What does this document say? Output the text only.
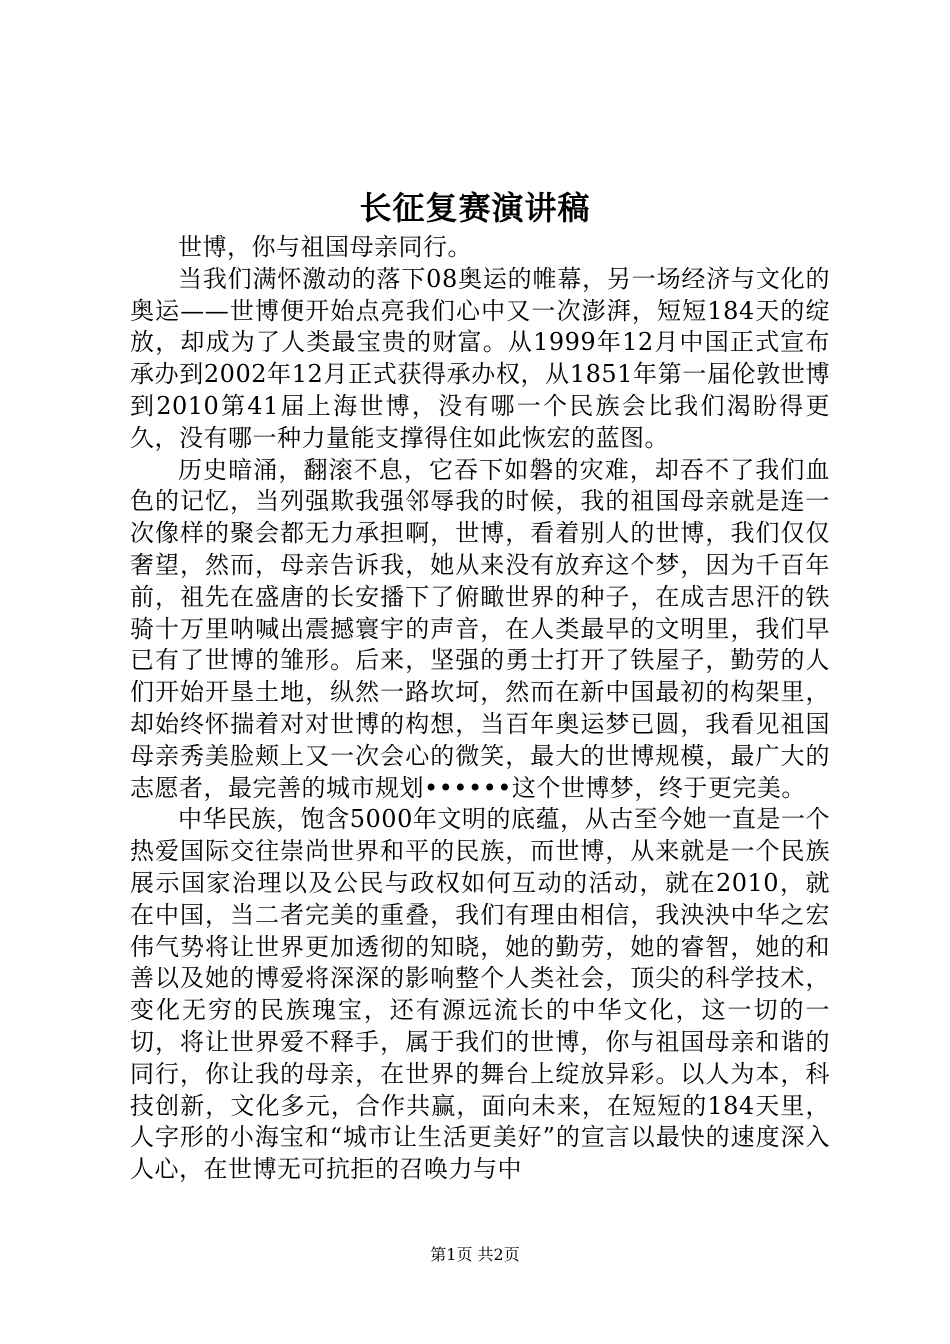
长征复赛演讲稿

世博，你与祖国母亲同行。

当我们满怀激动的落下08奥运的帷幕，另一场经济与文化的奥运——世博便开始点亮我们心中又一次澎湃，短短184天的绽放，却成为了人类最宝贵的财富。从1999年12月中国正式宣布承办到2002年12月正式获得承办权，从1851年第一届伦敦世博到2010第41届上海世博，没有哪一个民族会比我们渴盼得更久，没有哪一种力量能支撑得住如此恢宏的蓝图。

历史暗涌，翻滚不息，它吞下如磐的灾难，却吞不了我们血色的记忆，当列强欺我强邻辱我的时候，我的祖国母亲就是连一次像样的聚会都无力承担啊，世博，看着别人的世博，我们仅仅奢望，然而，母亲告诉我，她从来没有放弃这个梦，因为千百年前，祖先在盛唐的长安播下了俯瞰世界的种子，在成吉思汗的铁骑十万里呐喊出震撼寰宇的声音，在人类最早的文明里，我们早已有了世博的雏形。后来，坚强的勇士打开了铁屋子，勤劳的人们开始开垦土地，纵然一路坎坷，然而在新中国最初的构架里，却始终怀揣着对对世博的构想，当百年奥运梦已圆，我看见祖国母亲秀美脸颊上又一次会心的微笑，最大的世博规模，最广大的志愿者，最完善的城市规划••••••这个世博梦，终于更完美。

中华民族，饱含5000年文明的底蕴，从古至今她一直是一个热爱国际交往崇尚世界和平的民族，而世博，从来就是一个民族展示国家治理以及公民与政权如何互动的活动，就在2010，就在中国，当二者完美的重叠，我们有理由相信，我泱泱中华之宏伟气势将让世界更加透彻的知晓，她的勤劳，她的睿智，她的和善以及她的博爱将深深的影响整个人类社会，顶尖的科学技术，变化无穷的民族瑰宝，还有源远流长的中华文化，这一切的一切，将让世界爱不释手，属于我们的世博，你与祖国母亲和谐的同行，你让我的母亲，在世界的舞台上绽放异彩。以人为本，科技创新，文化多元，合作共赢，面向未来，在短短的184天里，人字形的小海宝和“城市让生活更美好”的宣言以最快的速度深入人心，在世博无可抗拒的召唤力与中

第1页 共2页
